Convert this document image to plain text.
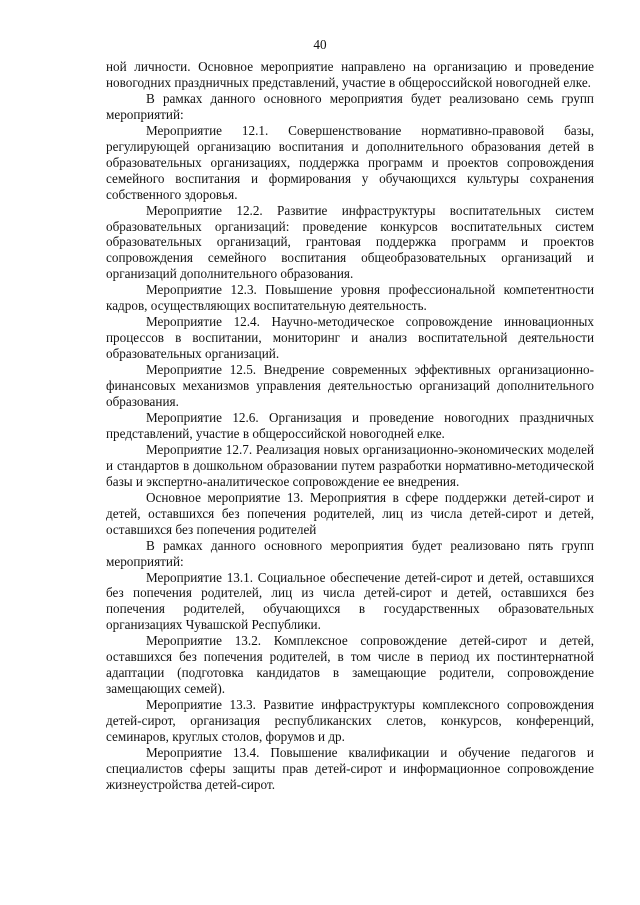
40

ной личности. Основное мероприятие направлено на организацию и проведение новогодних праздничных представлений, участие в общероссийской новогодней елке.

В рамках данного основного мероприятия будет реализовано семь групп мероприятий:

Мероприятие 12.1. Совершенствование нормативно-правовой базы, регулирующей организацию воспитания и дополнительного образования детей в образовательных организациях, поддержка программ и проектов сопровождения семейного воспитания и формирования у обучающихся культуры сохранения собственного здоровья.

Мероприятие 12.2. Развитие инфраструктуры воспитательных систем образовательных организаций: проведение конкурсов воспитательных систем образовательных организаций, грантовая поддержка программ и проектов сопровождения семейного воспитания общеобразовательных организаций и организаций дополнительного образования.

Мероприятие 12.3. Повышение уровня профессиональной компетентности кадров, осуществляющих воспитательную деятельность.

Мероприятие 12.4. Научно-методическое сопровождение инновационных процессов в воспитании, мониторинг и анализ воспитательной деятельности образовательных организаций.

Мероприятие 12.5. Внедрение современных эффективных организационно-финансовых механизмов управления деятельностью организаций дополнительного образования.

Мероприятие 12.6. Организация и проведение новогодних праздничных представлений, участие в общероссийской новогодней елке.

Мероприятие 12.7. Реализация новых организационно-экономических моделей и стандартов в дошкольном образовании путем разработки нормативно-методической базы и экспертно-аналитическое сопровождение ее внедрения.

Основное мероприятие 13. Мероприятия в сфере поддержки детей-сирот и детей, оставшихся без попечения родителей, лиц из числа детей-сирот и детей, оставшихся без попечения родителей

В рамках данного основного мероприятия будет реализовано пять групп мероприятий:

Мероприятие 13.1. Социальное обеспечение детей-сирот и детей, оставшихся без попечения родителей, лиц из числа детей-сирот и детей, оставшихся без попечения родителей, обучающихся в государственных образовательных организациях Чувашской Республики.

Мероприятие 13.2. Комплексное сопровождение детей-сирот и детей, оставшихся без попечения родителей, в том числе в период их постинтернатной адаптации (подготовка кандидатов в замещающие родители, сопровождение замещающих семей).

Мероприятие 13.3. Развитие инфраструктуры комплексного сопровождения детей-сирот, организация республиканских слетов, конкурсов, конференций, семинаров, круглых столов, форумов и др.

Мероприятие 13.4. Повышение квалификации и обучение педагогов и специалистов сферы защиты прав детей-сирот и информационное сопровождение жизнеустройства детей-сирот.
